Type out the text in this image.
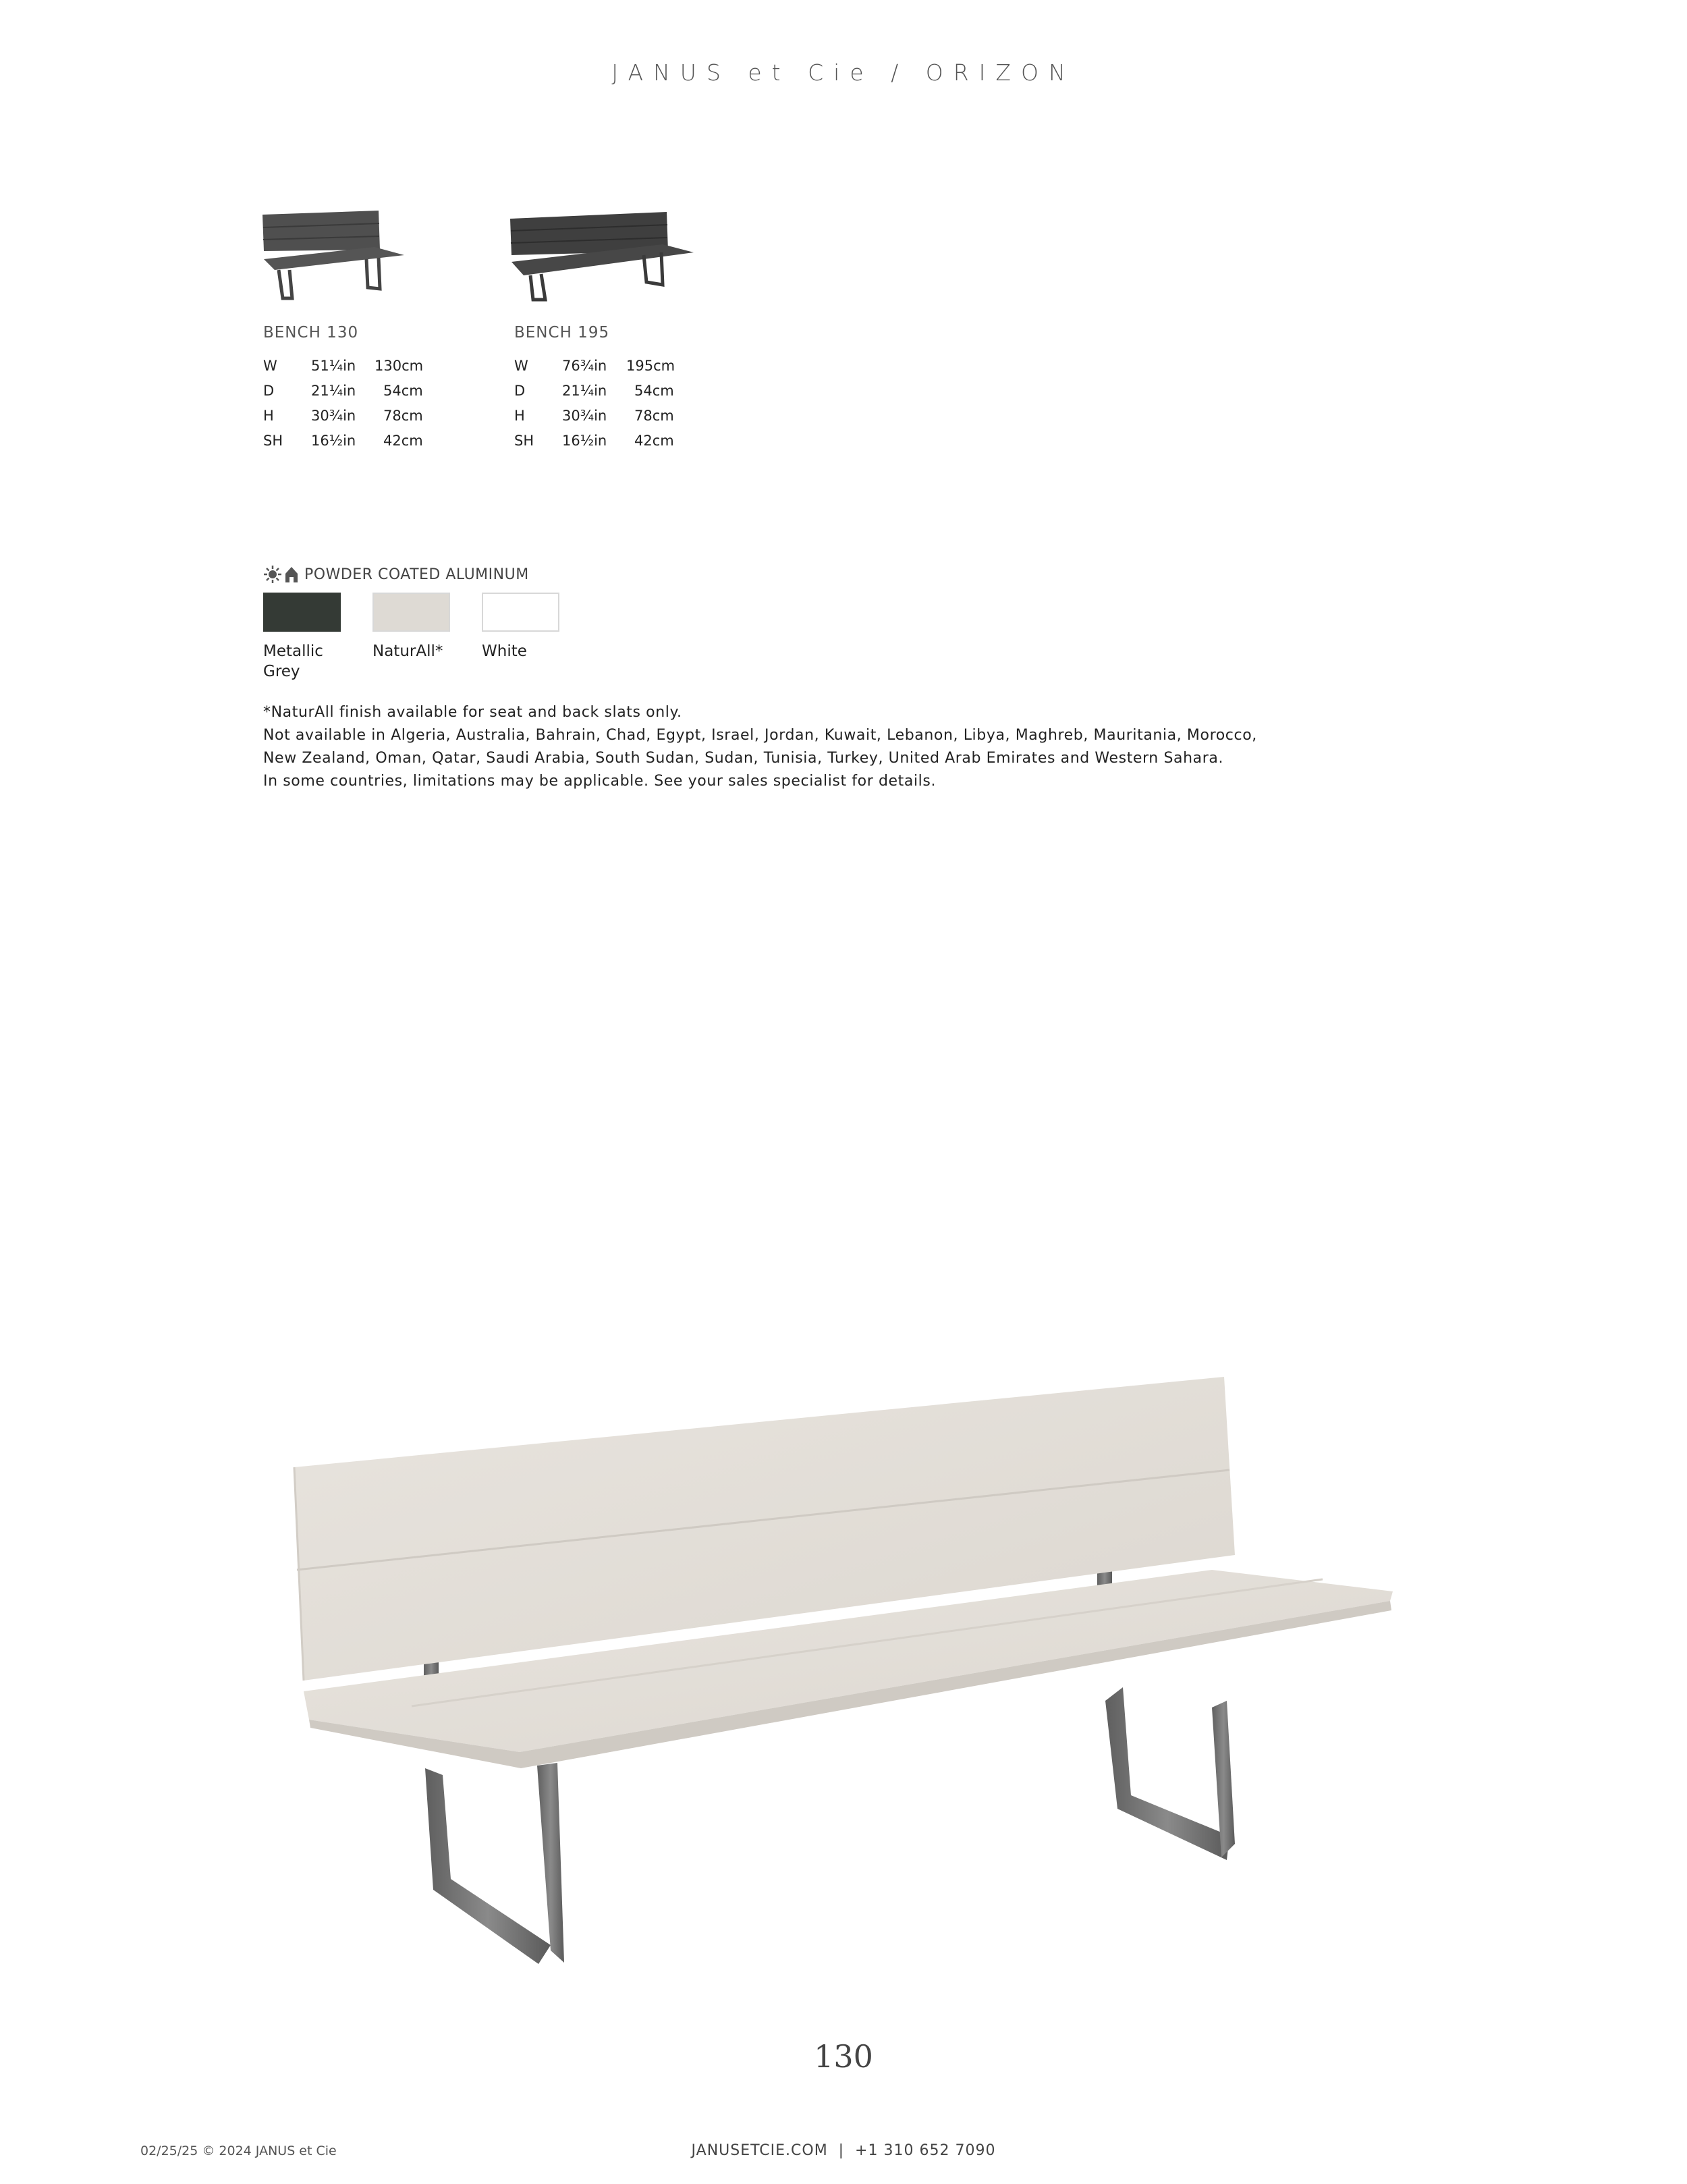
JANUS et Cie / ORIZON
BENCH 130
W 51¼in 130cm
D	21¼in 54cm
H	30¾in 78cm
SH 16½in 42cm
BENCH 195
W 76¾in 195cm
D	21¼in 54cm
H	30¾in 78cm
SH 16½in 42cm
POWDER COATED ALUMINUM
Metallic Grey
NaturAll*	White

*NaturAll finish available for seat and back slats only.

Not available in Algeria, Australia, Bahrain, Chad, Egypt, Israel, Jordan, Kuwait, Lebanon, Libya, Maghreb, Mauritania, Morocco,

New Zealand, Oman, Qatar, Saudi Arabia, South Sudan, Sudan, Tunisia, Turkey, United Arab Emirates and Western Sahara.

In some countries, limitations may be applicable. See your sales specialist for details.

130
02/25/25 © 2024 JANUS et Cie	JANUSETCIE.COM  |  +1 310 652 7090
